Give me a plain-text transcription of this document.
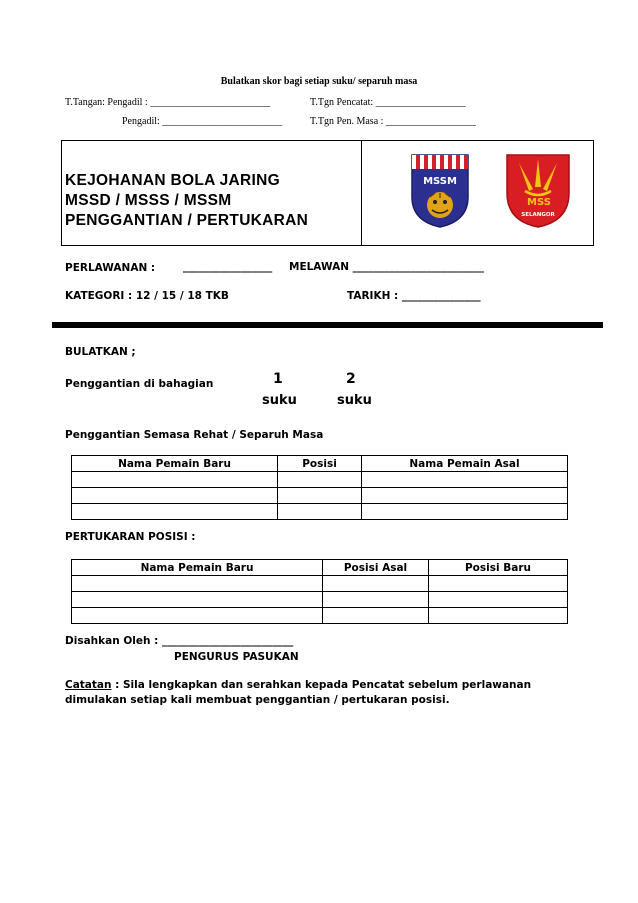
Bulatkan skor bagi setiap suku/ separuh masa
T.Tangan: Pengadil : ________________________	T.Tgn Pencatat: __________________
Pengadil: ________________________	T.Tgn Pen. Masa : __________________
KEJOHANAN BOLA JARING
MSSD / MSSS / MSSM
PENGGANTIAN / PERTUKARAN
MSSM
MSS
SELANGOR
PERLAWANAN :	_________________ MELAWAN _________________________
KATEGORI : 12 / 15 / 18 TKB	TARIKH : _______________
BULATKAN ;
Penggantian di bahagian	1
suku
2
suku
Penggantian Semasa Rehat / Separuh Masa
Nama Pemain Baru	Posisi	Nama Pemain Asal

PERTUKARAN POSISI :
Nama Pemain Baru	Posisi Asal	Posisi Baru

Disahkan Oleh : _________________________
PENGURUS PASUKAN
Catatan : Sila lengkapkan dan serahkan kepada Pencatat sebelum perlawanan
dimulakan setiap kali membuat penggantian / pertukaran posisi.
